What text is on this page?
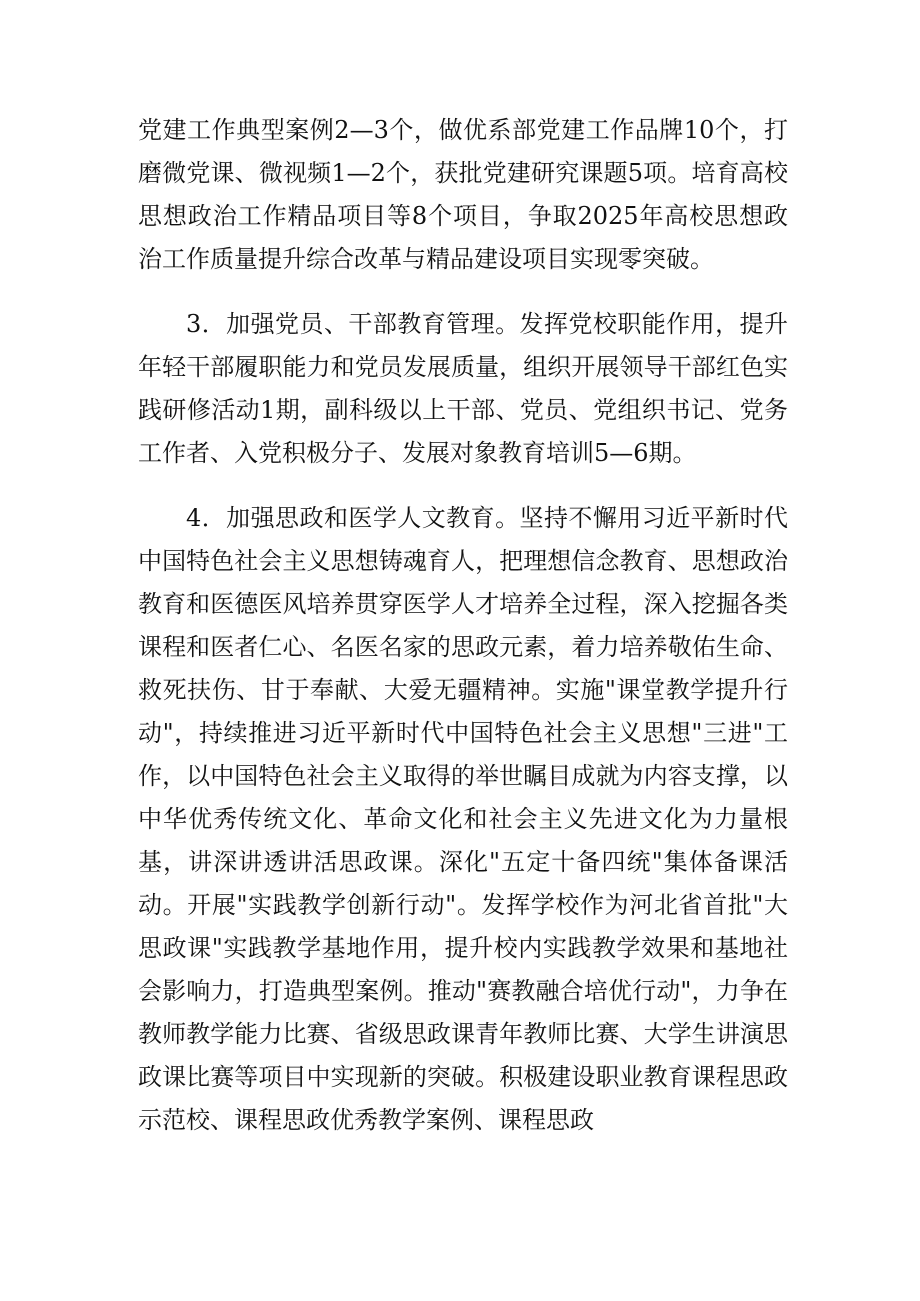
党建工作典型案例2—3个，做优系部党建工作品牌10个，打磨微党课、微视频1—2个，获批党建研究课题5项。培育高校思想政治工作精品项目等8个项目，争取2025年高校思想政治工作质量提升综合改革与精品建设项目实现零突破。

3．加强党员、干部教育管理。发挥党校职能作用，提升年轻干部履职能力和党员发展质量，组织开展领导干部红色实践研修活动1期，副科级以上干部、党员、党组织书记、党务工作者、入党积极分子、发展对象教育培训5—6期。

4．加强思政和医学人文教育。坚持不懈用习近平新时代中国特色社会主义思想铸魂育人，把理想信念教育、思想政治教育和医德医风培养贯穿医学人才培养全过程，深入挖掘各类课程和医者仁心、名医名家的思政元素，着力培养敬佑生命、救死扶伤、甘于奉献、大爱无疆精神。实施"课堂教学提升行动"，持续推进习近平新时代中国特色社会主义思想"三进"工作，以中国特色社会主义取得的举世瞩目成就为内容支撑，以中华优秀传统文化、革命文化和社会主义先进文化为力量根基，讲深讲透讲活思政课。深化"五定十备四统"集体备课活动。开展"实践教学创新行动"。发挥学校作为河北省首批"大思政课"实践教学基地作用，提升校内实践教学效果和基地社会影响力，打造典型案例。推动"赛教融合培优行动"，力争在教师教学能力比赛、省级思政课青年教师比赛、大学生讲演思政课比赛等项目中实现新的突破。积极建设职业教育课程思政示范校、课程思政优秀教学案例、课程思政
